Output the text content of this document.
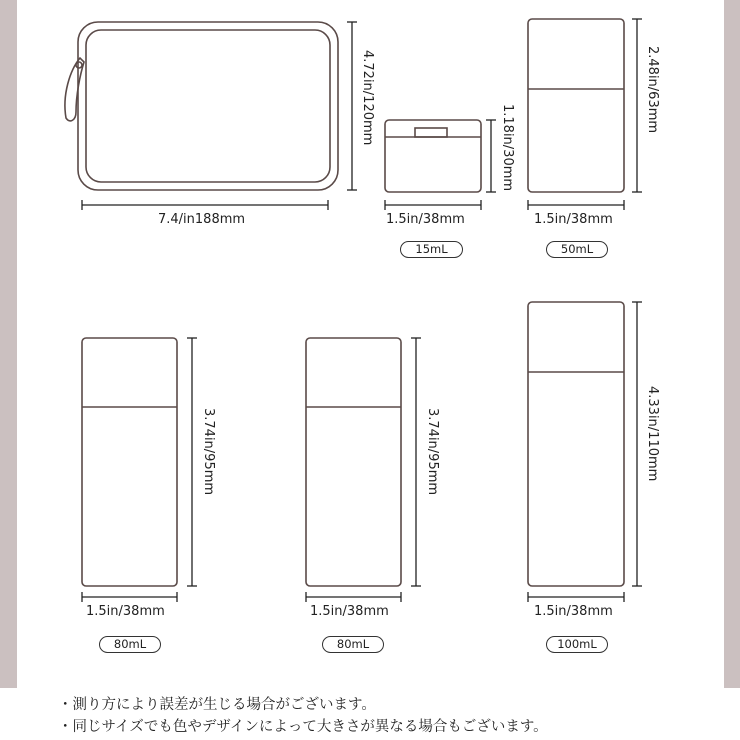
7.4/in188mm	1.5in/38mm	1.5in/38mm
1.5in/38mm	1.5in/38mm	1.5in/38mm
4.72in/120mm
1.18in/30mm
2.48in/63mm
3.74in/95mm	3.74in/95mm	4.33in/110mm
15mL	50mL
80mL	80mL	100mL
・測り方により誤差が生じる場合がございます。
・同じサイズでも色やデザインによって大きさが異なる場合もございます。
